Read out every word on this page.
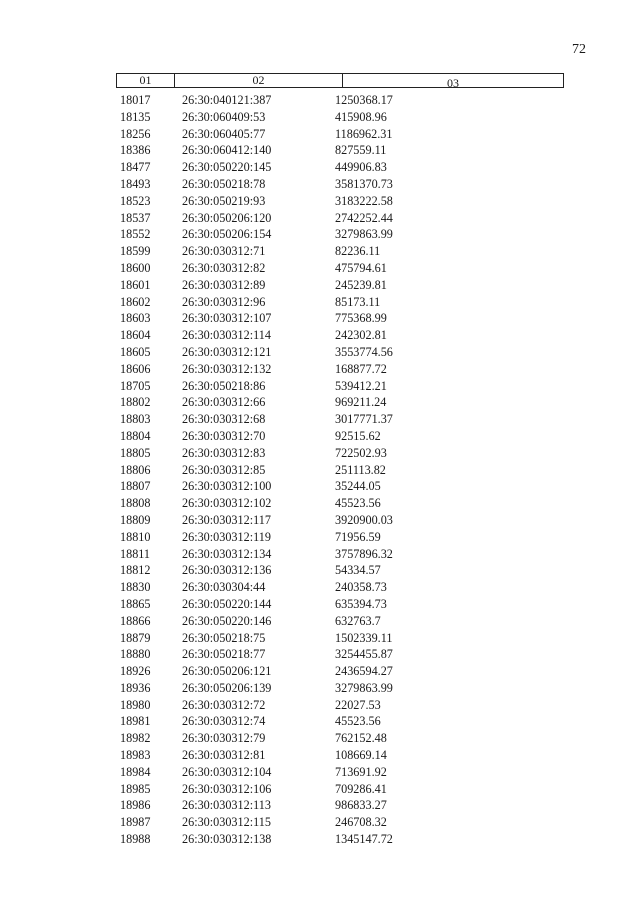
72
01	02	03
18017	26:30:040121:387	1250368.17
18135	26:30:060409:53	415908.96
18256	26:30:060405:77	1186962.31
18386	26:30:060412:140	827559.11
18477	26:30:050220:145	449906.83
18493	26:30:050218:78	3581370.73
18523	26:30:050219:93	3183222.58
18537	26:30:050206:120	2742252.44
18552	26:30:050206:154	3279863.99
18599	26:30:030312:71	82236.11
18600	26:30:030312:82	475794.61
18601	26:30:030312:89	245239.81
18602	26:30:030312:96	85173.11
18603	26:30:030312:107	775368.99
18604	26:30:030312:114	242302.81
18605	26:30:030312:121	3553774.56
18606	26:30:030312:132	168877.72
18705	26:30:050218:86	539412.21
18802	26:30:030312:66	969211.24
18803	26:30:030312:68	3017771.37
18804	26:30:030312:70	92515.62
18805	26:30:030312:83	722502.93
18806	26:30:030312:85	251113.82
18807	26:30:030312:100	35244.05
18808	26:30:030312:102	45523.56
18809	26:30:030312:117	3920900.03
18810	26:30:030312:119	71956.59
18811	26:30:030312:134	3757896.32
18812	26:30:030312:136	54334.57
18830	26:30:030304:44	240358.73
18865	26:30:050220:144	635394.73
18866	26:30:050220:146	632763.7
18879	26:30:050218:75	1502339.11
18880	26:30:050218:77	3254455.87
18926	26:30:050206:121	2436594.27
18936	26:30:050206:139	3279863.99
18980	26:30:030312:72	22027.53
18981	26:30:030312:74	45523.56
18982	26:30:030312:79	762152.48
18983	26:30:030312:81	108669.14
18984	26:30:030312:104	713691.92
18985	26:30:030312:106	709286.41
18986	26:30:030312:113	986833.27
18987	26:30:030312:115	246708.32
18988	26:30:030312:138	1345147.72
